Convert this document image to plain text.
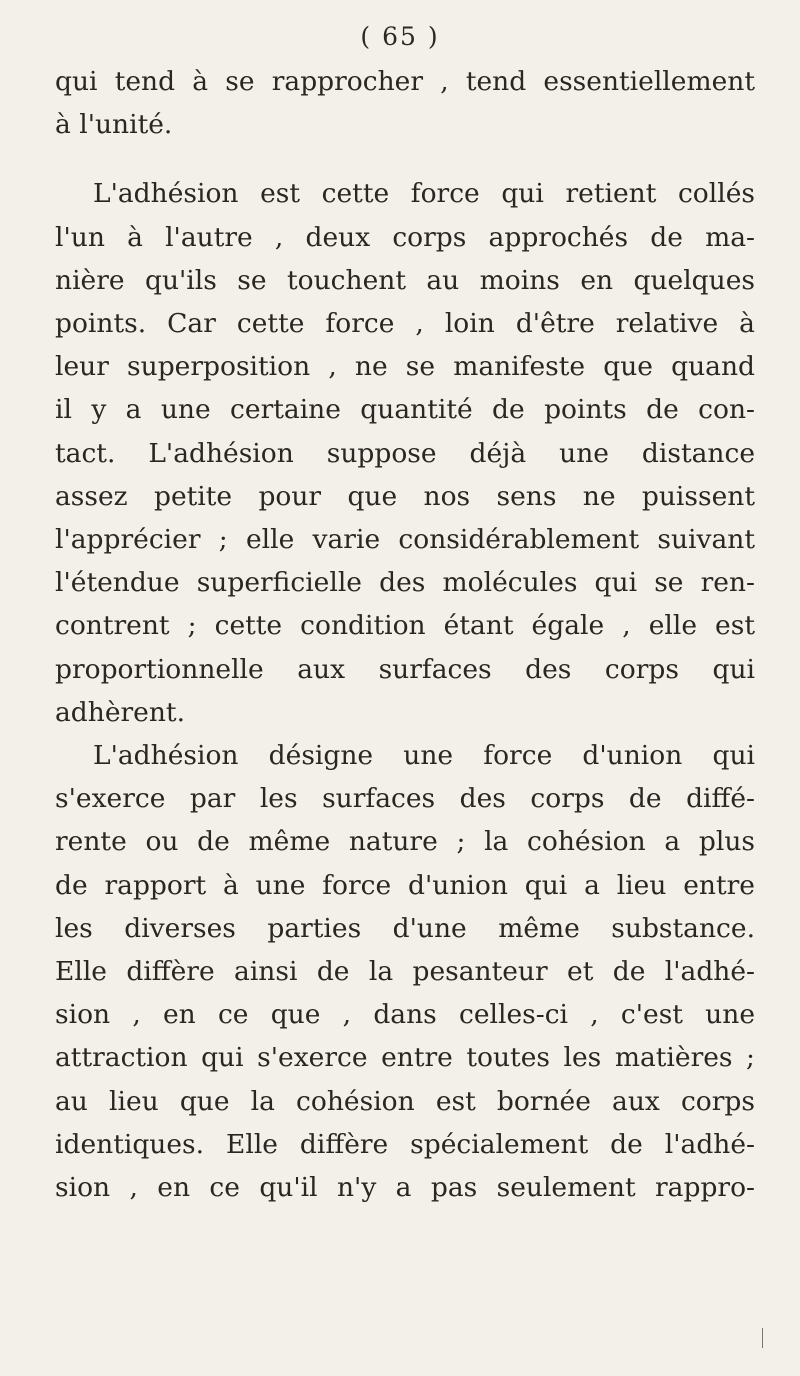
( 65 )
qui tend à se rapprocher , tend essentiellement
à l'unité.
L'adhésion est cette force qui retient collés
l'un à l'autre , deux corps approchés de ma-
nière qu'ils se touchent au moins en quelques
points. Car cette force , loin d'être relative à
leur superposition , ne se manifeste que quand
il y a une certaine quantité de points de con-
tact. L'adhésion suppose déjà une distance
assez petite pour que nos sens ne puissent
l'apprécier ; elle varie considérablement suivant
l'étendue superficielle des molécules qui se ren-
contrent ; cette condition étant égale , elle est
proportionnelle aux surfaces des corps qui
adhèrent.
L'adhésion désigne une force d'union qui
s'exerce par les surfaces des corps de diffé-
rente ou de même nature ; la cohésion a plus
de rapport à une force d'union qui a lieu entre
les diverses parties d'une même substance.
Elle diffère ainsi de la pesanteur et de l'adhé-
sion , en ce que , dans celles-ci , c'est une
attraction qui s'exerce entre toutes les matières ;
au lieu que la cohésion est bornée aux corps
identiques. Elle diffère spécialement de l'adhé-
sion , en ce qu'il n'y a pas seulement rappro-
